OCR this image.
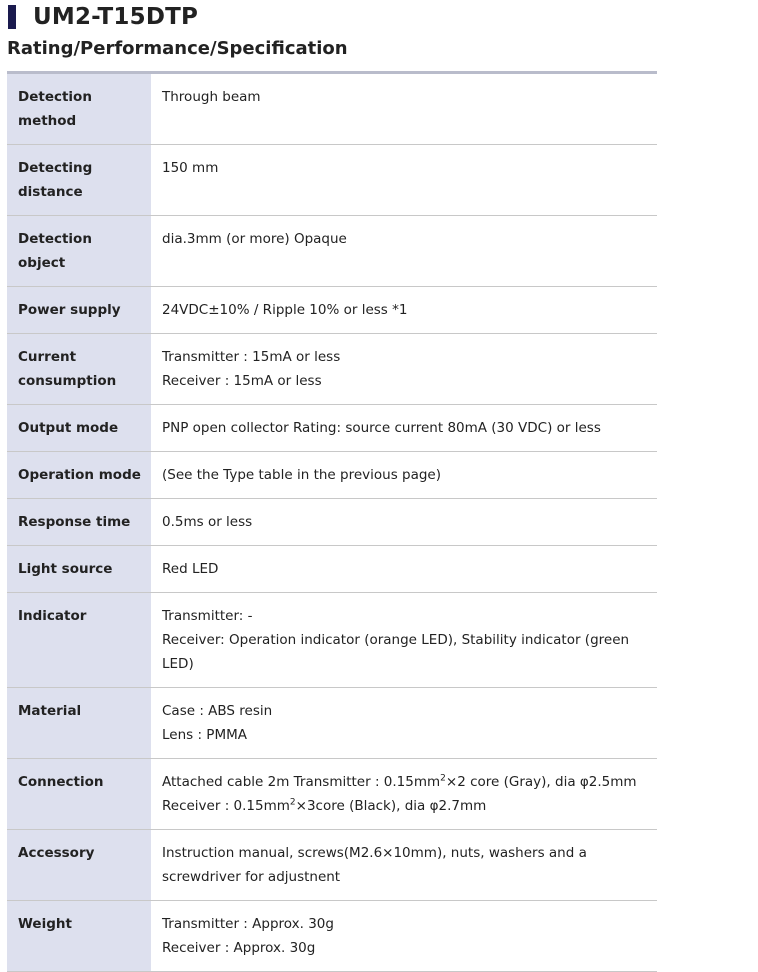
UM2-T15DTP
Rating/Performance/Specification
Detection method	Through beam

Detecting distance	150 mm

Detection object	dia.3mm (or more) Opaque

Power supply	24VDC±10% / Ripple 10% or less *1

Current consumption	Transmitter : 15mA or less
Receiver : 15mA or less

Output mode	PNP open collector Rating: source current 80mA (30 VDC) or less

Operation mode	(See the Type table in the previous page)

Response time	0.5ms or less

Light source	Red LED

Indicator	Transmitter: -
Receiver: Operation indicator (orange LED), Stability indicator (green LED)

Material	Case : ABS resin
Lens : PMMA

Connection	Attached cable 2m Transmitter : $0.15mm^2\times 2$ core (Gray), dia φ2.5mm
Receiver : $0.15mm^2\times 3core$ (Black), dia φ2.7mm

Accessory	Instruction manual, screws(M2.6×10mm), nuts, washers and a screwdriver for adjustnent

Weight	Transmitter : Approx. 30g
Receiver : Approx. 30g
